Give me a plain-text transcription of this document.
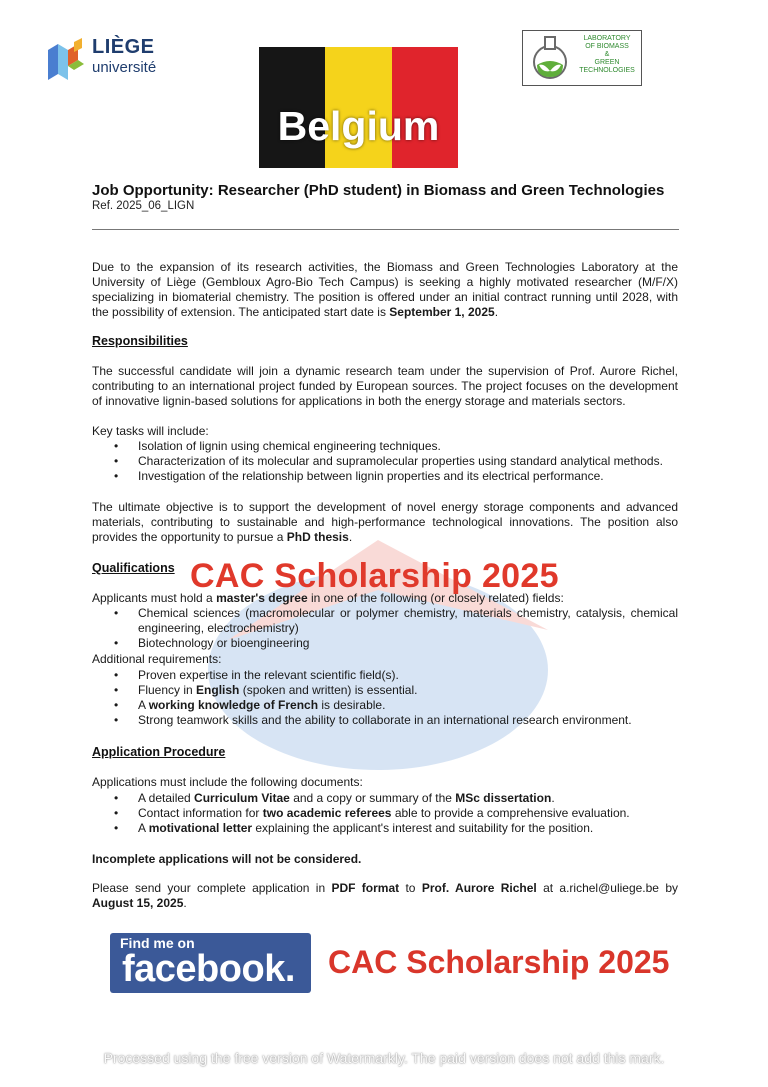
LIÈGE
université
Belgium
LABORATORY
OF BIOMASS
&
GREEN
TECHNOLOGIES
Job Opportunity: Researcher (PhD student) in Biomass and Green Technologies
Ref. 2025_06_LIGN
Due to the expansion of its research activities, the Biomass and Green Technologies Laboratory at the University of Liège (Gembloux Agro-Bio Tech Campus) is seeking a highly motivated researcher (M/F/X) specializing in biomaterial chemistry. The position is offered under an initial contract running until 2028, with the possibility of extension. The anticipated start date is September 1, 2025.
Responsibilities
The successful candidate will join a dynamic research team under the supervision of Prof. Aurore Richel, contributing to an international project funded by European sources. The project focuses on the development of innovative lignin-based solutions for applications in both the energy storage and materials sectors.
Key tasks will include:
• Isolation of lignin using chemical engineering techniques.
• Characterization of its molecular and supramolecular properties using standard analytical methods.
• Investigation of the relationship between lignin properties and its electrical performance.
The ultimate objective is to support the development of novel energy storage components and advanced materials, contributing to sustainable and high-performance technological innovations. The position also provides the opportunity to pursue a PhD thesis.
Qualifications
Applicants must hold a master's degree in one of the following (or closely related) fields:
• Chemical sciences (macromolecular or polymer chemistry, materials chemistry, catalysis, chemical engineering, electrochemistry)
• Biotechnology or bioengineering
Additional requirements:
• Proven expertise in the relevant scientific field(s).
• Fluency in English (spoken and written) is essential.
• A working knowledge of French is desirable.
• Strong teamwork skills and the ability to collaborate in an international research environment.
CAC Scholarship 2025
Application Procedure
Applications must include the following documents:
• A detailed Curriculum Vitae and a copy or summary of the MSc dissertation.
• Contact information for two academic referees able to provide a comprehensive evaluation.
• A motivational letter explaining the applicant's interest and suitability for the position.
Incomplete applications will not be considered.
Please send your complete application in PDF format to Prof. Aurore Richel at a.richel@uliege.be by August 15, 2025.
Find me on
facebook. CAC Scholarship 2025
Processed using the free version of Watermarkly. The paid version does not add this mark.
